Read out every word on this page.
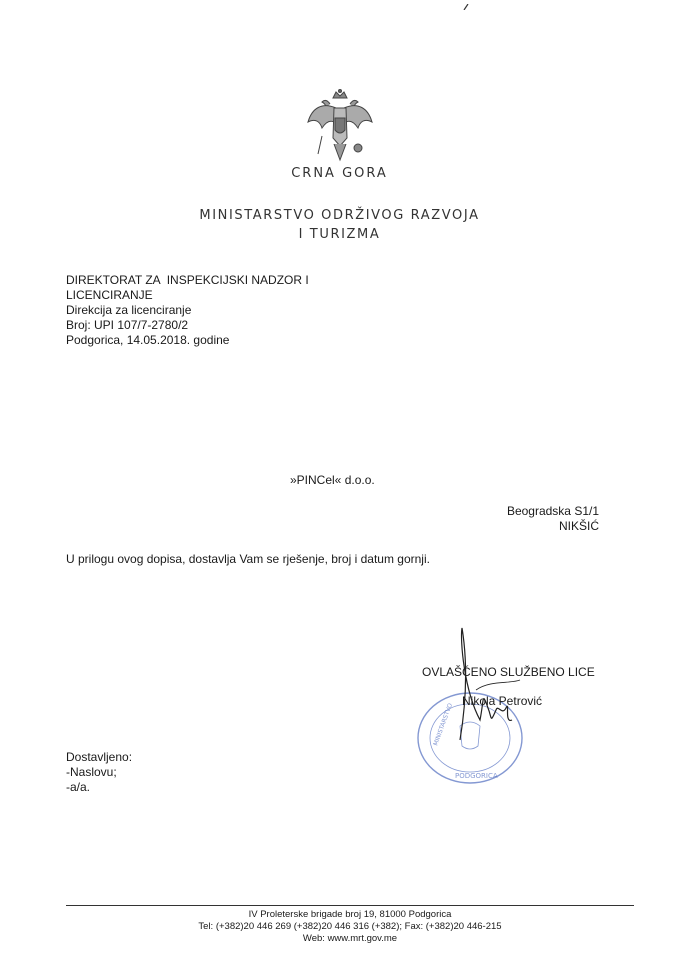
CRNA GORA
MINISTARSTVO ODRŽIVOG RAZVOJA
I TURIZMA
DIREKTORAT ZA  INSPEKCIJSKI NADZOR I
LICENCIRANJE
Direkcija za licenciranje
Broj: UPI 107/7-2780/2
Podgorica, 14.05.2018. godine
»PINCel« d.o.o.
Beogradska S1/1
NIKŠIĆ
U prilogu ovog dopisa, dostavlja Vam se rješenje, broj i datum gornji.
MINISTARSTVO
PODGORICA
OVLAŠĆENO SLUŽBENO LICE
Nikola Petrović
Dostavljeno:
-Naslovu;
-a/a.
IV Proleterske brigade broj 19, 81000 Podgorica
Tel: (+382)20 446 269 (+382)20 446 316 (+382); Fax: (+382)20 446-215
Web: www.mrt.gov.me
